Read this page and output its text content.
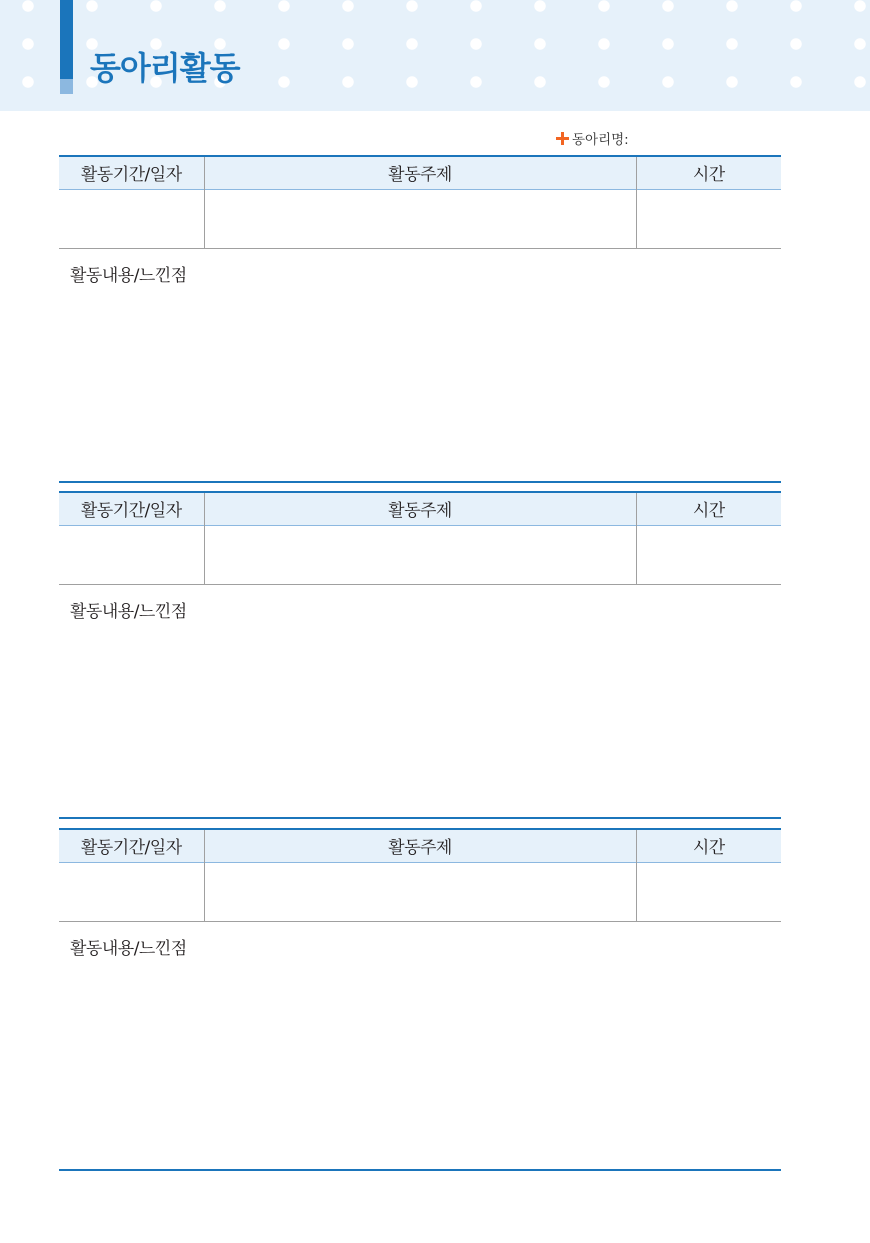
동아리활동
동아리명:
활동기간/일자	활동주제	시간

활동내용/느낀점
활동기간/일자	활동주제	시간

활동내용/느낀점
활동기간/일자	활동주제	시간

활동내용/느낀점
